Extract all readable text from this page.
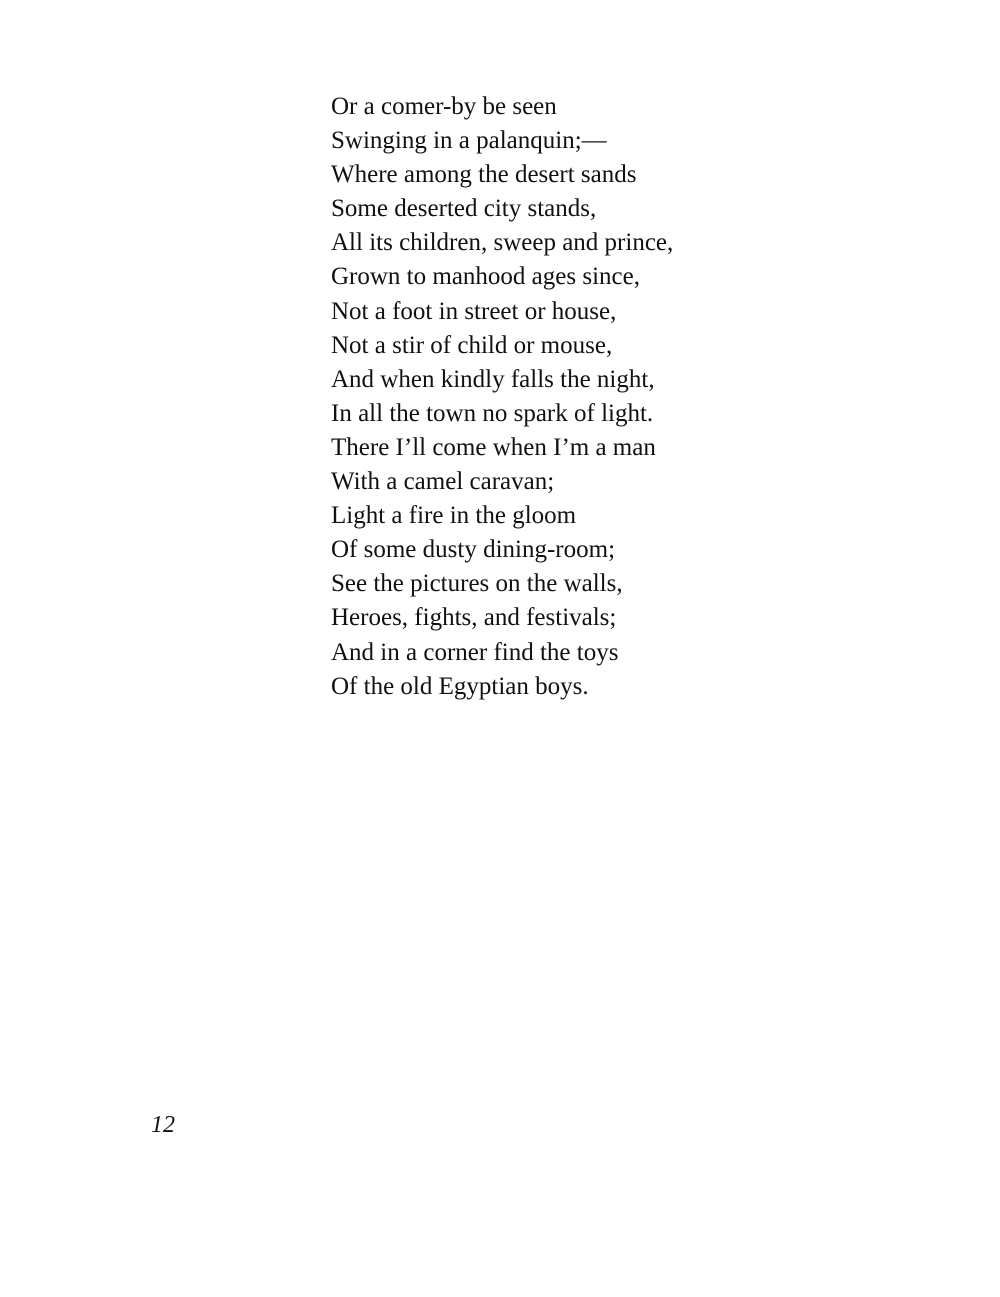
Or a comer-by be seen
Swinging in a palanquin;—
Where among the desert sands
Some deserted city stands,
All its children, sweep and prince,
Grown to manhood ages since,
Not a foot in street or house,
Not a stir of child or mouse,
And when kindly falls the night,
In all the town no spark of light.
There I’ll come when I’m a man
With a camel caravan;
Light a fire in the gloom
Of some dusty dining-room;
See the pictures on the walls,
Heroes, fights, and festivals;
And in a corner find the toys
Of the old Egyptian boys.
12
